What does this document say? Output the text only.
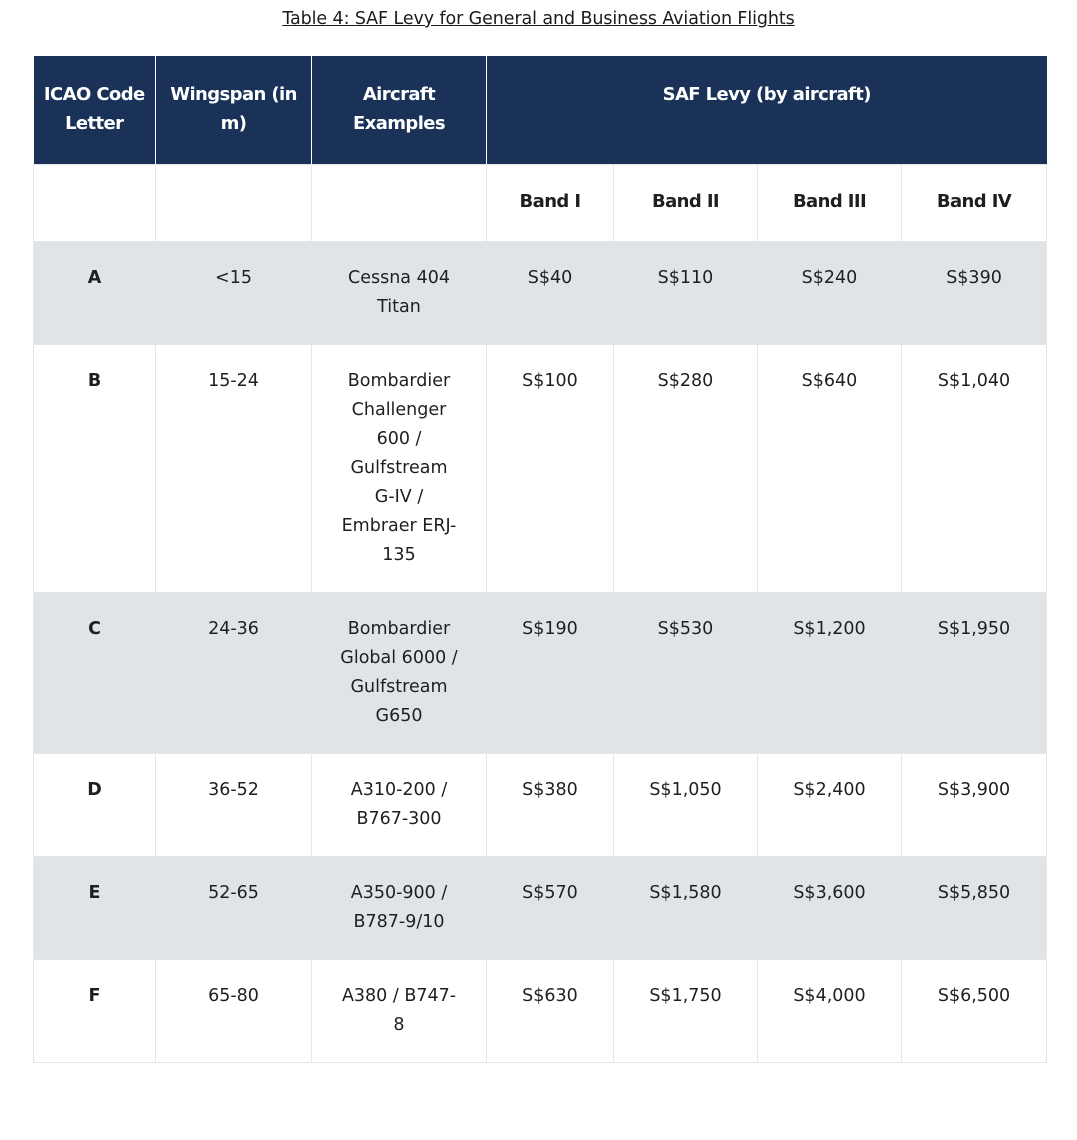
Table 4: SAF Levy for General and Business Aviation Flights
ICAO Code Letter	Wingspan (in m)	Aircraft Examples	SAF Levy (by aircraft)			
			Band I	Band II	Band III	Band IV
A	<15	Cessna 404 Titan	S$40	S$110	S$240	S$390
B	15-24	Bombardier Challenger 600 / Gulfstream G-IV / Embraer ERJ-135	S$100	S$280	S$640	S$1,040
C	24-36	Bombardier Global 6000 / Gulfstream G650	S$190	S$530	S$1,200	S$1,950
D	36-52	A310-200 / B767-300	S$380	S$1,050	S$2,400	S$3,900
E	52-65	A350-900 / B787-9/10	S$570	S$1,580	S$3,600	S$5,850
F	65-80	A380 / B747-8	S$630	S$1,750	S$4,000	S$6,500
